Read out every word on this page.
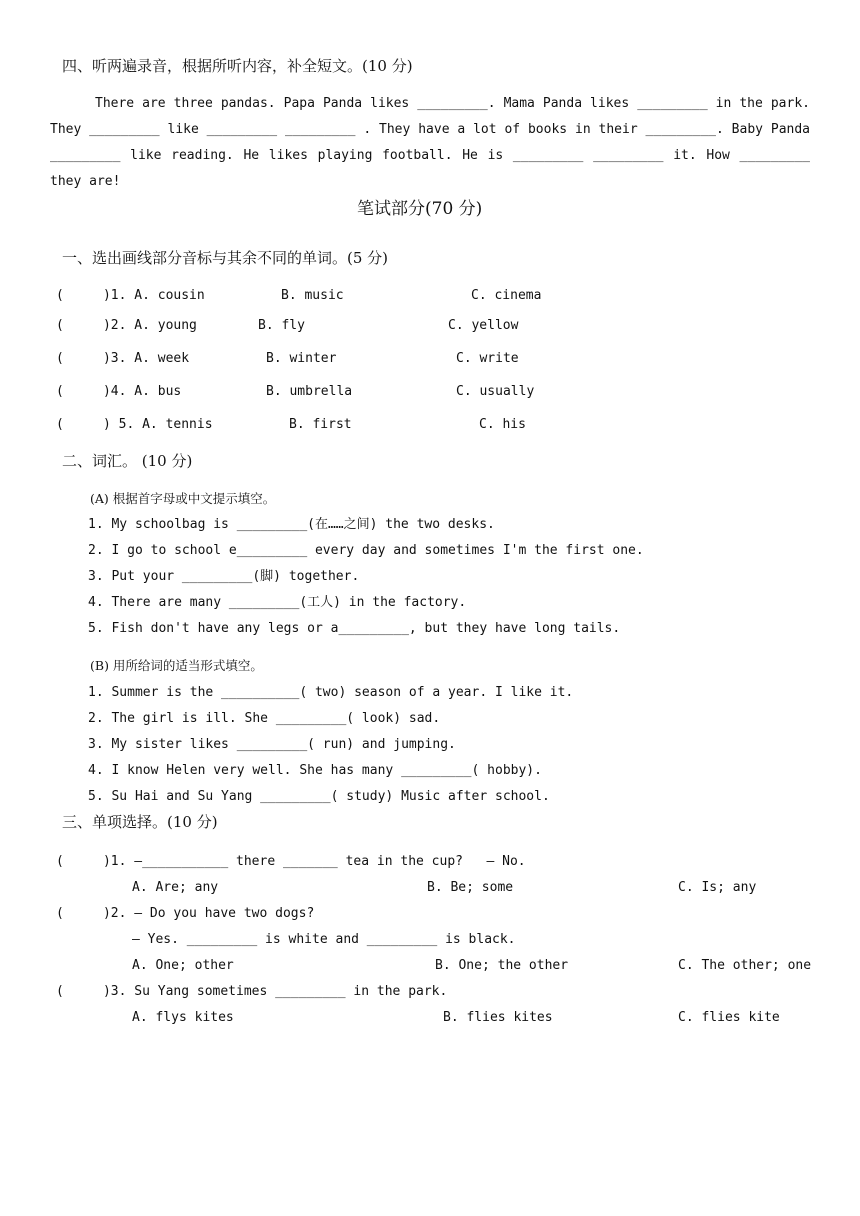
四、听两遍录音，根据所听内容，补全短文。(10 分)
There are three pandas. Papa Panda likes _________. Mama Panda likes _________ in the park. They _________ like _________ _________ . They have a lot of books in their _________. Baby Panda _________ like reading. He likes playing football. He is _________ _________ it. How _________ they are!
笔试部分(70 分)
一、选出画线部分音标与其余不同的单词。(5 分)
(     )1. A. cousin	B. music	C. cinema
(     )2. A. young	B. fly	C. yellow
(     )3. A. week	B. winter	C. write
(     )4. A. bus	B. umbrella	C. usually
(     ) 5. A. tennis	B. first	C. his
二、词汇。 (10 分)
(A) 根据首字母或中文提示填空。
1. My schoolbag is _________(在……之间) the two desks.
2. I go to school e_________ every day and sometimes I'm the first one.
3. Put your _________(脚) together.
4. There are many _________(工人) in the factory.
5. Fish don't have any legs or a_________, but they have long tails.
(B) 用所给词的适当形式填空。
1. Summer is the __________( two) season of a year. I like it.
2. The girl is ill. She _________( look) sad.
3. My sister likes _________( run) and jumping.
4. I know Helen very well. She has many _________( hobby).
5. Su Hai and Su Yang _________( study) Music after school.
三、单项选择。(10 分)
(     )1. —___________ there _______ tea in the cup?   — No.
A. Are; any	B. Be; some	C. Is; any
(     )2. — Do you have two dogs?
— Yes. _________ is white and _________ is black.
A. One; other	B. One; the other	C. The other; one
(     )3. Su Yang sometimes _________ in the park.
A. flys kites	B. flies kites	C. flies kite
